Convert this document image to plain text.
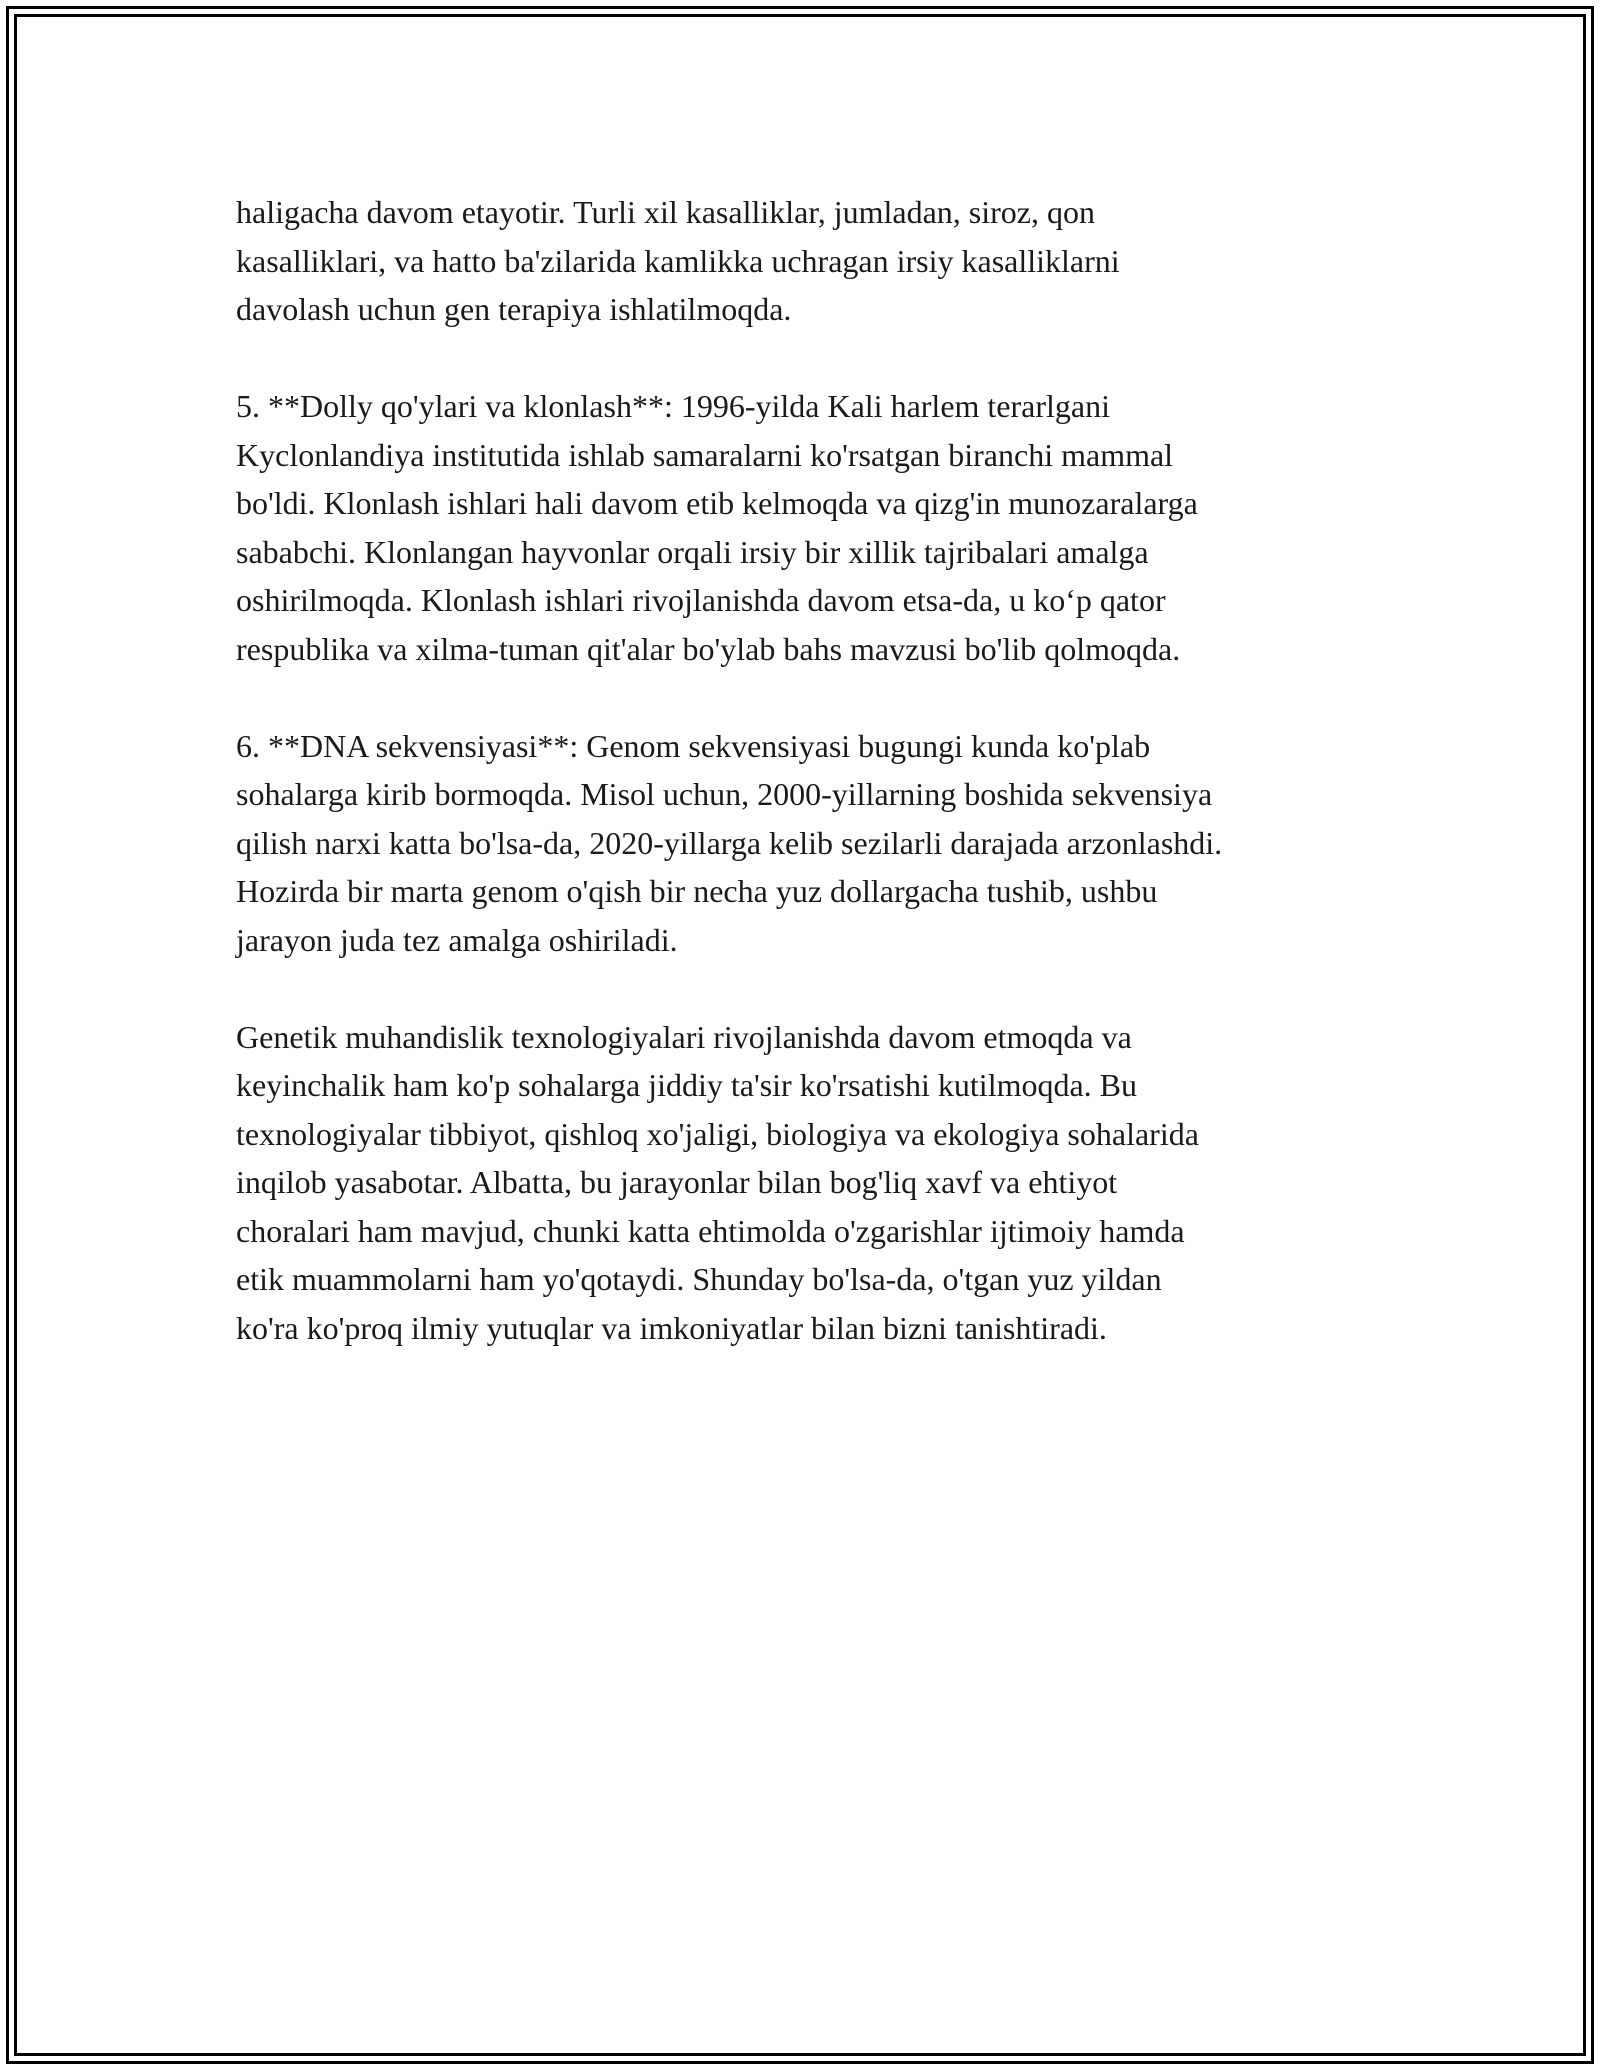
haligacha davom etayotir. Turli xil kasalliklar, jumladan, siroz, qon
kasalliklari, va hatto ba'zilarida kamlikka uchragan irsiy kasalliklarni
davolash uchun gen terapiya ishlatilmoqda.

5. **Dolly qo'ylari va klonlash**: 1996-yilda Kali harlem terarlgani
Kyclonlandiya institutida ishlab samaralarni ko'rsatgan biranchi mammal
bo'ldi. Klonlash ishlari hali davom etib kelmoqda va qizg'in munozaralarga
sababchi. Klonlangan hayvonlar orqali irsiy bir xillik tajribalari amalga
oshirilmoqda. Klonlash ishlari rivojlanishda davom etsa-da, u ko‘p qator
respublika va xilma-tuman qit'alar bo'ylab bahs mavzusi bo'lib qolmoqda.

6. **DNA sekvensiyasi**: Genom sekvensiyasi bugungi kunda ko'plab
sohalarga kirib bormoqda. Misol uchun, 2000-yillarning boshida sekvensiya
qilish narxi katta bo'lsa-da, 2020-yillarga kelib sezilarli darajada arzonlashdi.
Hozirda bir marta genom o'qish bir necha yuz dollargacha tushib, ushbu
jarayon juda tez amalga oshiriladi.

Genetik muhandislik texnologiyalari rivojlanishda davom etmoqda va
keyinchalik ham ko'p sohalarga jiddiy ta'sir ko'rsatishi kutilmoqda. Bu
texnologiyalar tibbiyot, qishloq xo'jaligi, biologiya va ekologiya sohalarida
inqilob yasabotar. Albatta, bu jarayonlar bilan bog'liq xavf va ehtiyot
choralari ham mavjud, chunki katta ehtimolda o'zgarishlar ijtimoiy hamda
etik muammolarni ham yo'qotaydi. Shunday bo'lsa-da, o'tgan yuz yildan
ko'ra ko'proq ilmiy yutuqlar va imkoniyatlar bilan bizni tanishtiradi.
